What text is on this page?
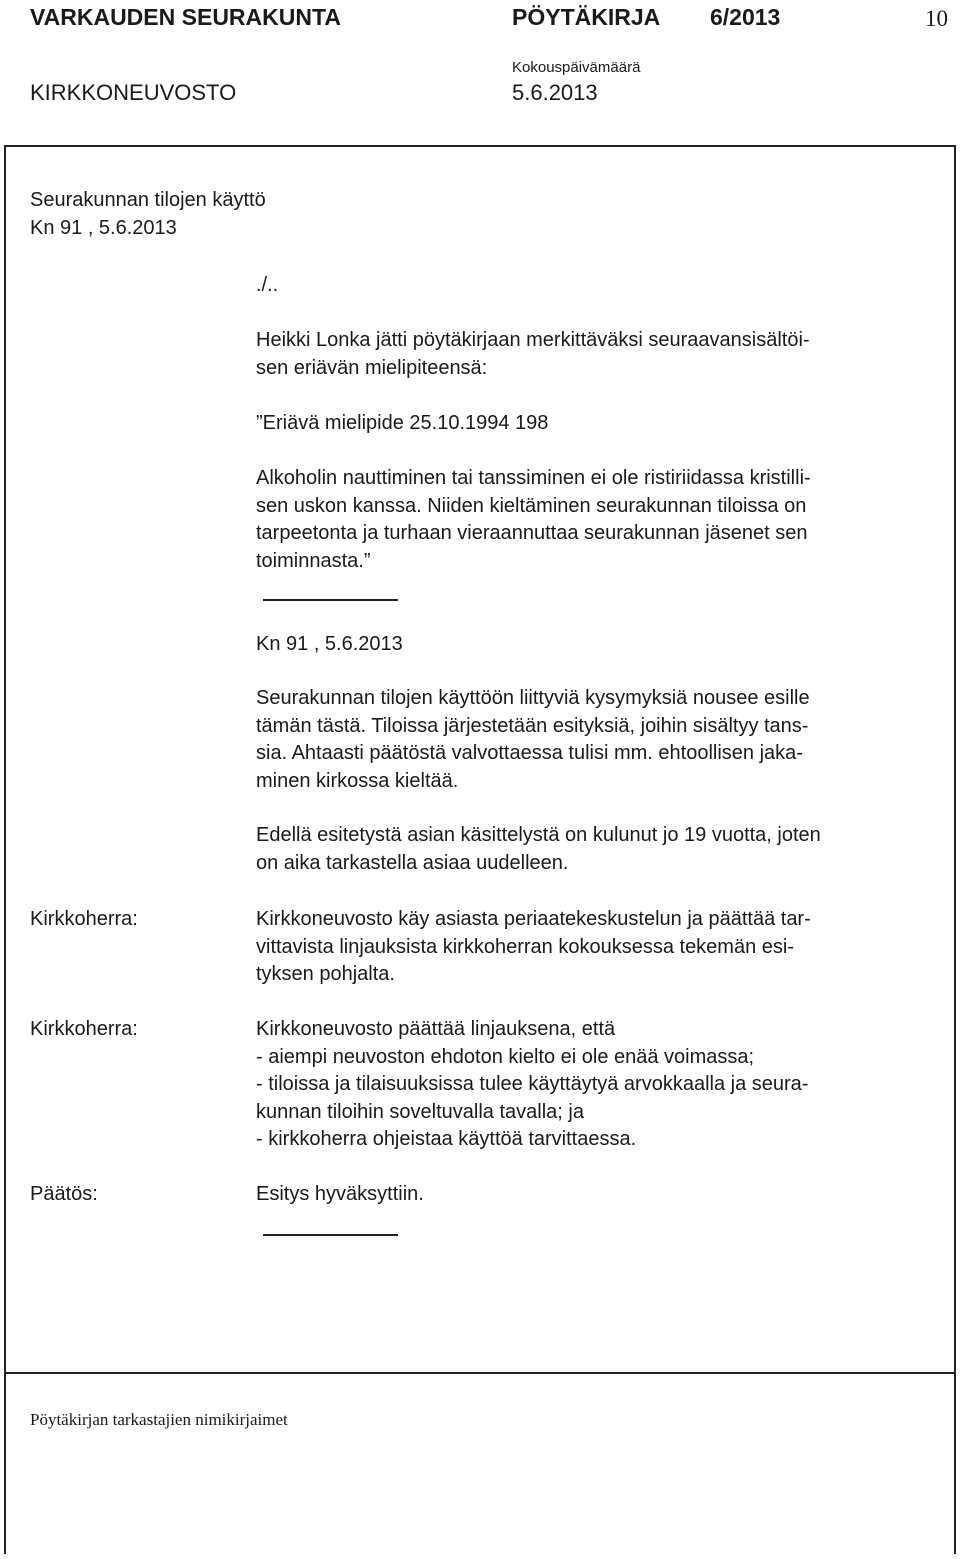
VARKAUDEN SEURAKUNTA	PÖYTÄKIRJA 6/2013	10
Kokouspäivämäärä
KIRKKONEUVOSTO	5.6.2013
Seurakunnan tilojen käyttö
Kn 91 , 5.6.2013
./..
Heikki Lonka jätti pöytäkirjaan merkittäväksi seuraavansisältöi-
sen eriävän mielipiteensä:
”Eriävä mielipide 25.10.1994 198
Alkoholin nauttiminen tai tanssiminen ei ole ristiriidassa kristilli-
sen uskon kanssa. Niiden kieltäminen seurakunnan tiloissa on
tarpeetonta ja turhaan vieraannuttaa seurakunnan jäsenet sen
toiminnasta.”
Kn 91 , 5.6.2013
Seurakunnan tilojen käyttöön liittyviä kysymyksiä nousee esille
tämän tästä. Tiloissa järjestetään esityksiä, joihin sisältyy tans-
sia. Ahtaasti päätöstä valvottaessa tulisi mm. ehtoollisen jaka-
minen kirkossa kieltää.
Edellä esitetystä asian käsittelystä on kulunut jo 19 vuotta, joten
on aika tarkastella asiaa uudelleen.
Kirkkoherra:	Kirkkoneuvosto käy asiasta periaatekeskustelun ja päättää tar-
vittavista linjauksista kirkkoherran kokouksessa tekemän esi-
tyksen pohjalta.
Kirkkoherra:	Kirkkoneuvosto päättää linjauksena, että
- aiempi neuvoston ehdoton kielto ei ole enää voimassa;
- tiloissa ja tilaisuuksissa tulee käyttäytyä arvokkaalla ja seura-
kunnan tiloihin soveltuvalla tavalla; ja
- kirkkoherra ohjeistaa käyttöä tarvittaessa.
Päätös:	Esitys hyväksyttiin.
Pöytäkirjan tarkastajien nimikirjaimet
